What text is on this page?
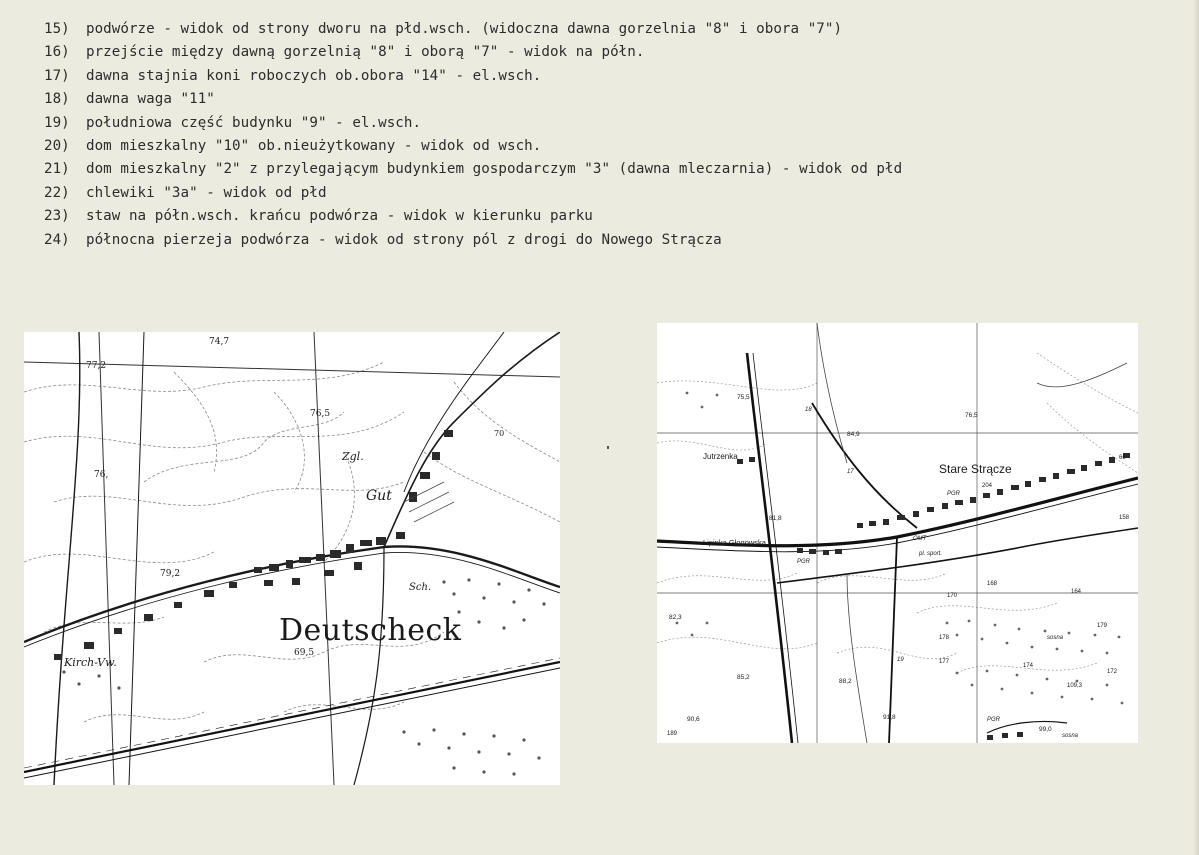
15)	podwórze - widok od strony dworu na płd.wsch. (widoczna dawna gorzelnia "8" i obora "7")
16)	przejście między dawną gorzelnią "8" i oborą "7" - widok na półn.
17)	dawna stajnia koni roboczych ob.obora "14" - el.wsch.
18)	dawna waga "11"
19)	południowa część budynku "9" - el.wsch.
20)	dom mieszkalny "10" ob.nieużytkowany - widok od wsch.
21)	dom mieszkalny "2" z przylegającym budynkiem gospodarczym "3" (dawna mleczarnia) - widok od płd
22)	chlewiki "3a" - widok od płd
23)	staw na półn.wsch. krańcu podwórza - widok w kierunku parku
24)	północna pierzeja podwórza - widok od strony pól z drogi do Nowego Strącza
Deutscheck
Gut
Zgl.
Sch.
Kirch-Vw.
77,2
74,7
76,5
76,
79,2
69,5
70
Stare Strącze
Jutrzenka
Lipinka Głogowska
PGR
PGR
PGR
pl. sport.
OMT
sosna
sosna
75,5
76,5
84,9
81,8
82,3
85,2
88,2
91,8
99,0
90,6
204
18
17
19
158
168
170
172
174
177
178
179
164
189
66
109,3
